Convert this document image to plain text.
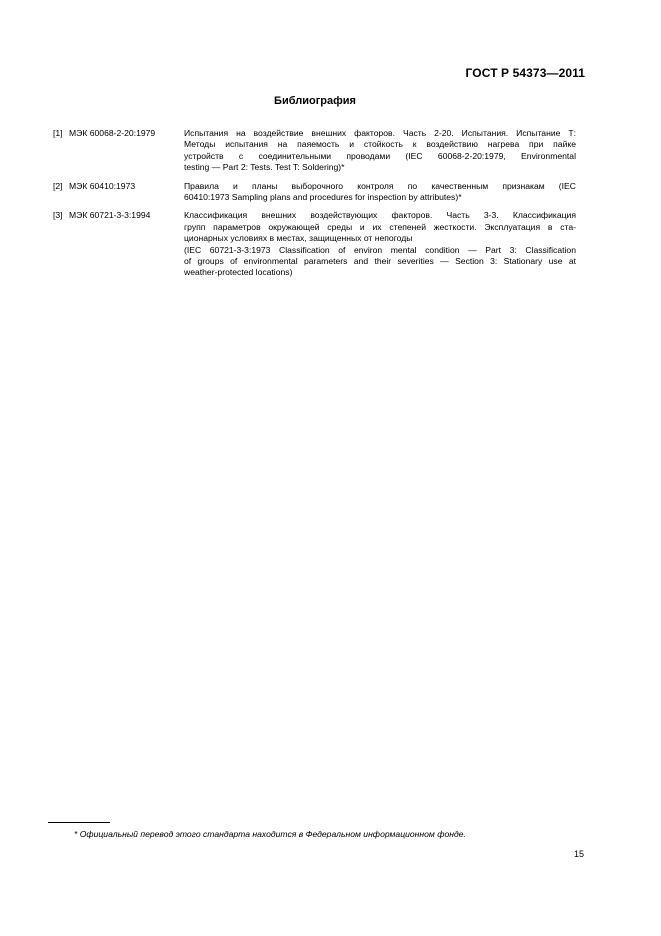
ГОСТ Р 54373—2011
Библиография
[1] МЭК 60068-2-20:1979	Испытания на воздействие внешних факторов. Часть 2-20. Испытания. Испытание Т:
Методы испытания на паяемость и стойкость к воздействию нагрева при пайке
устройств с соединительными проводами (IEC 60068-2-20:1979, Environmental
testing — Part 2: Tests. Test T: Soldering)*
[2] МЭК 60410:1973	Правила и планы выборочного контроля по качественным признакам (IEC
60410:1973 Sampling plans and procedures for inspection by attributes)*
[3] МЭК 60721-3-3:1994	Классификация внешних воздействующих факторов. Часть 3-3. Классификация
групп параметров окружающей среды и их степеней жесткости. Эксплуатация в ста-
ционарных условиях в местах, защищенных от непогоды
(IEC 60721-3-3:1973 Classification of environ mental condition — Part 3: Classification
of groups of environmental parameters and their severities — Section 3: Stationary use at
weather-protected locations)
* Официальный перевод этого стандарта находится в Федеральном информационном фонде.
15
